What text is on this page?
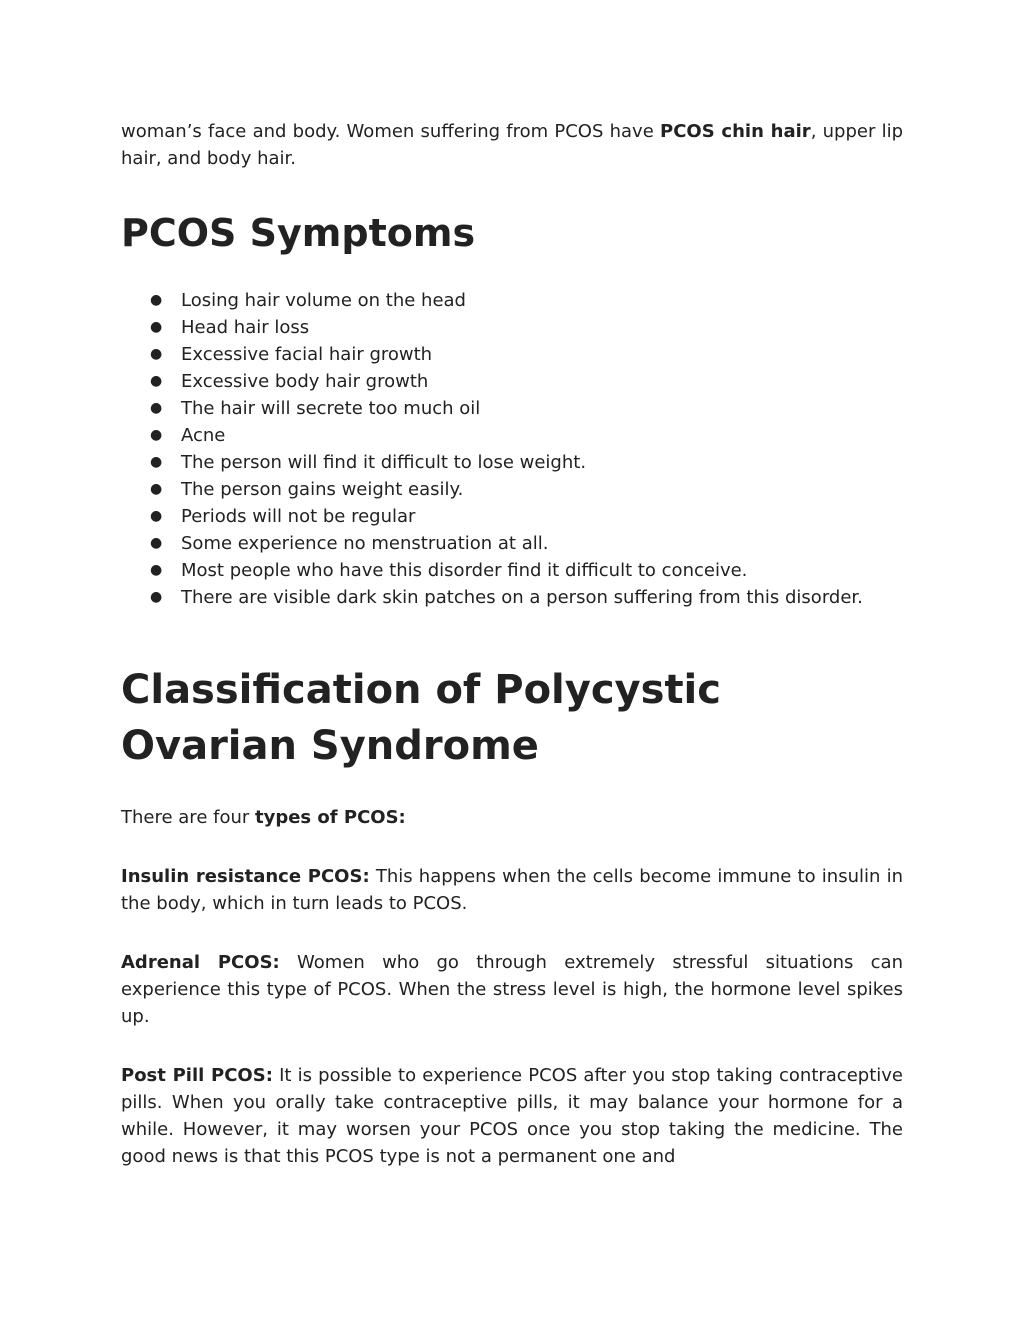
woman’s face and body. Women suffering from PCOS have PCOS chin hair, upper lip hair, and body hair.

PCOS Symptoms
● Losing hair volume on the head
● Head hair loss
● Excessive facial hair growth
● Excessive body hair growth
● The hair will secrete too much oil
● Acne
● The person will find it difficult to lose weight.
● The person gains weight easily.
● Periods will not be regular
● Some experience no menstruation at all.
● Most people who have this disorder find it difficult to conceive.
● There are visible dark skin patches on a person suffering from this disorder.
Classification of Polycystic
Ovarian Syndrome

There are four types of PCOS:

Insulin resistance PCOS: This happens when the cells become immune to insulin in the body, which in turn leads to PCOS.

Adrenal PCOS: Women who go through extremely stressful situations can experience this type of PCOS. When the stress level is high, the hormone level spikes up.

Post Pill PCOS: It is possible to experience PCOS after you stop taking contraceptive pills. When you orally take contraceptive pills, it may balance your hormone for a while. However, it may worsen your PCOS once you stop taking the medicine. The good news is that this PCOS type is not a permanent one and
